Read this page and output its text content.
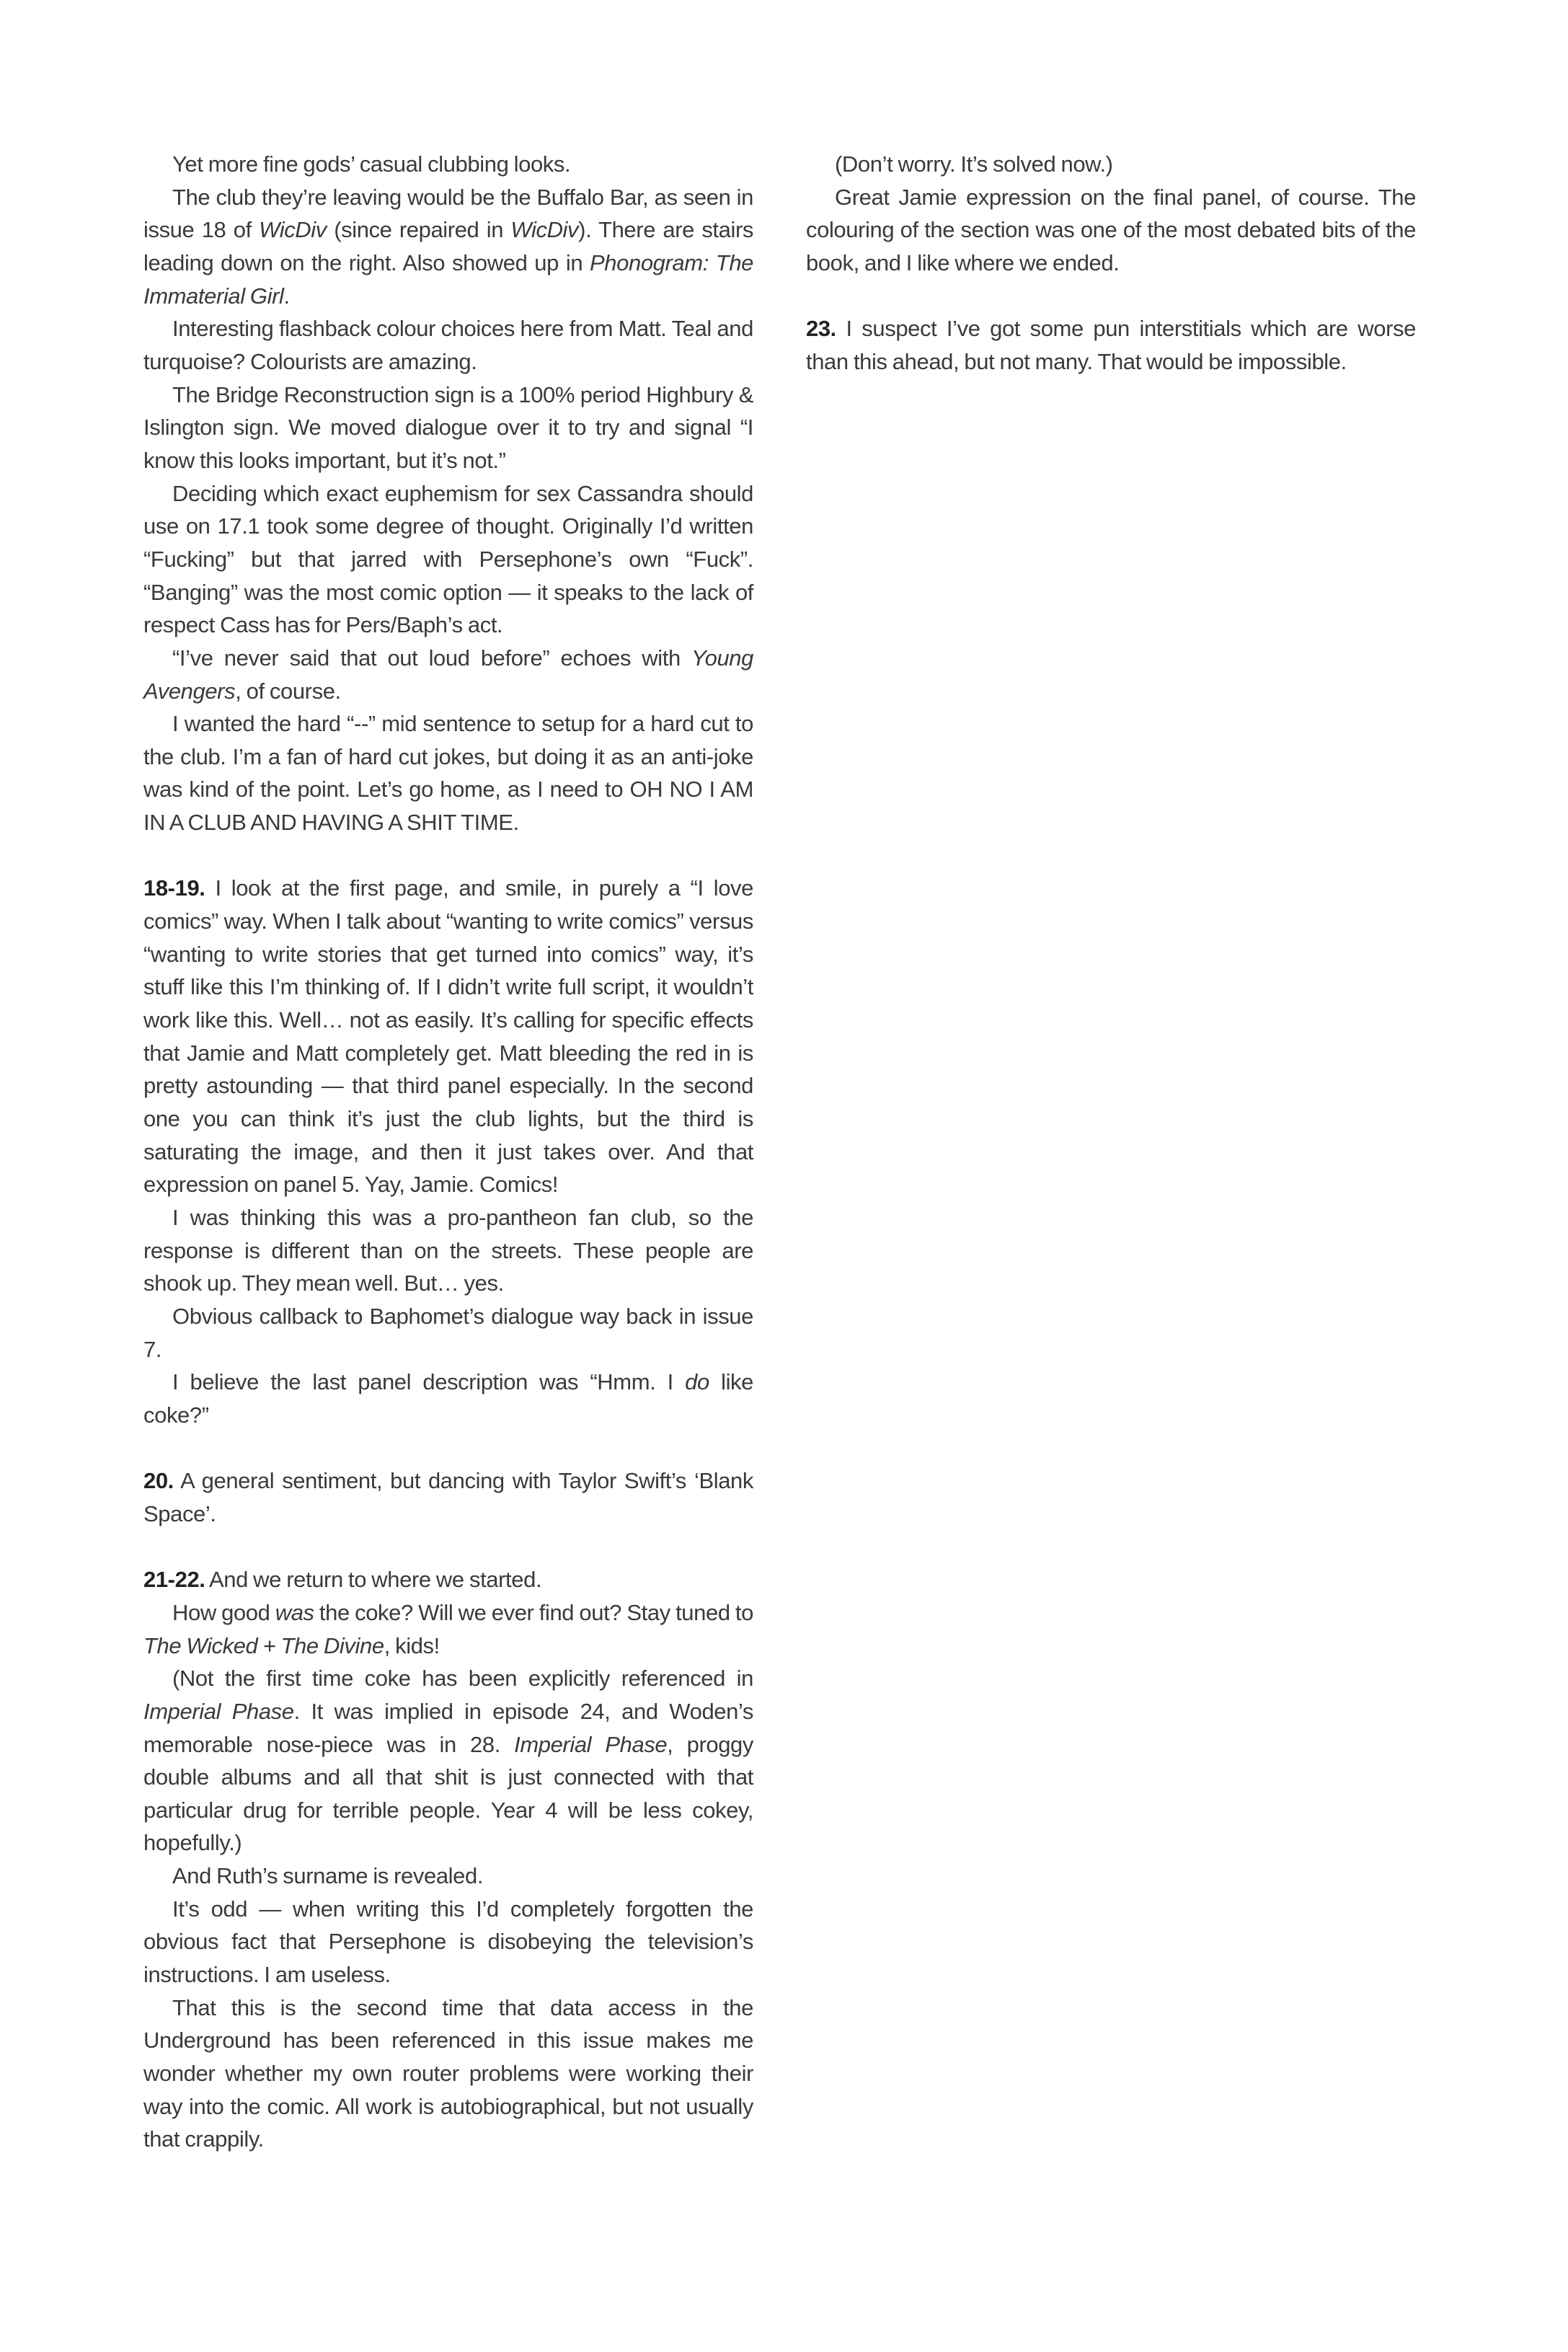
Yet more fine gods’ casual clubbing looks.

The club they’re leaving would be the Buffalo Bar, as seen in issue 18 of WicDiv (since repaired in WicDiv). There are stairs leading down on the right. Also showed up in Phonogram: The Immaterial Girl.

Interesting flashback colour choices here from Matt. Teal and turquoise? Colourists are amazing.

The Bridge Reconstruction sign is a 100% period Highbury & Islington sign. We moved dialogue over it to try and signal “I know this looks important, but it’s not.”

Deciding which exact euphemism for sex Cassandra should use on 17.1 took some degree of thought. Originally I’d written “Fucking” but that jarred with Persephone’s own “Fuck”. “Banging” was the most comic option — it speaks to the lack of respect Cass has for Pers/Baph’s act.

“I’ve never said that out loud before” echoes with Young Avengers, of course.

I wanted the hard “--” mid sentence to setup for a hard cut to the club. I’m a fan of hard cut jokes, but doing it as an anti-joke was kind of the point. Let’s go home, as I need to OH NO I AM IN A CLUB AND HAVING A SHIT TIME.

18-19. I look at the first page, and smile, in purely a “I love comics” way. When I talk about “wanting to write comics” versus “wanting to write stories that get turned into comics” way, it’s stuff like this I’m thinking of. If I didn’t write full script, it wouldn’t work like this. Well… not as easily. It’s calling for specific effects that Jamie and Matt completely get. Matt bleeding the red in is pretty astounding — that third panel especially. In the second one you can think it’s just the club lights, but the third is saturating the image, and then it just takes over. And that expression on panel 5. Yay, Jamie. Comics!

I was thinking this was a pro-pantheon fan club, so the response is different than on the streets. These people are shook up. They mean well. But… yes.

Obvious callback to Baphomet’s dialogue way back in issue 7.

I believe the last panel description was “Hmm. I do like coke?”

20. A general sentiment, but dancing with Taylor Swift’s ‘Blank Space’.

21-22. And we return to where we started.

How good was the coke? Will we ever find out? Stay tuned to The Wicked + The Divine, kids!

(Not the first time coke has been explicitly referenced in Imperial Phase. It was implied in episode 24, and Woden’s memorable nose-piece was in 28. Imperial Phase, proggy double albums and all that shit is just connected with that particular drug for terrible people. Year 4 will be less cokey, hopefully.)

And Ruth’s surname is revealed.

It’s odd — when writing this I’d completely forgotten the obvious fact that Persephone is disobeying the television’s instructions. I am useless.

That this is the second time that data access in the Underground has been referenced in this issue makes me wonder whether my own router problems were working their way into the comic. All work is autobiographical, but not usually that crappily.

(Don’t worry. It’s solved now.)

Great Jamie expression on the final panel, of course. The colouring of the section was one of the most debated bits of the book, and I like where we ended.

23. I suspect I’ve got some pun interstitials which are worse than this ahead, but not many. That would be impossible.
